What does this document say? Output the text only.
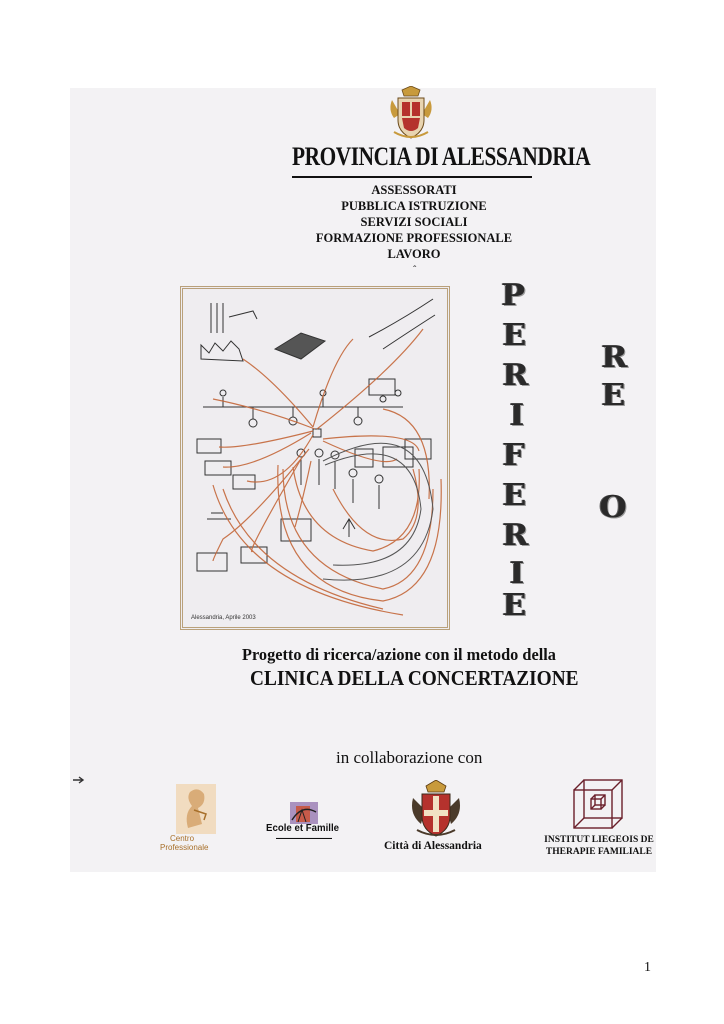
PROVINCIA DI ALESSANDRIA
ASSESSORATI
PUBBLICA ISTRUZIONE
SERVIZI SOCIALI
FORMAZIONE PROFESSIONALE
LAVORO
ˆ
Alessandria, Aprile 2003
P
E
R
I
F
E
R
I
E
R
E
O
Progetto di ricerca/azione con il metodo della
CLINICA DELLA CONCERTAZIONE
in collaborazione con
Centro
Professionale
Ecole et Famille
▬▬▬▬▬▬▬▬▬▬▬▬▬▬▬▬
Città di Alessandria	INSTITUT LIEGEOIS DE
THERAPIE FAMILIALE
1
